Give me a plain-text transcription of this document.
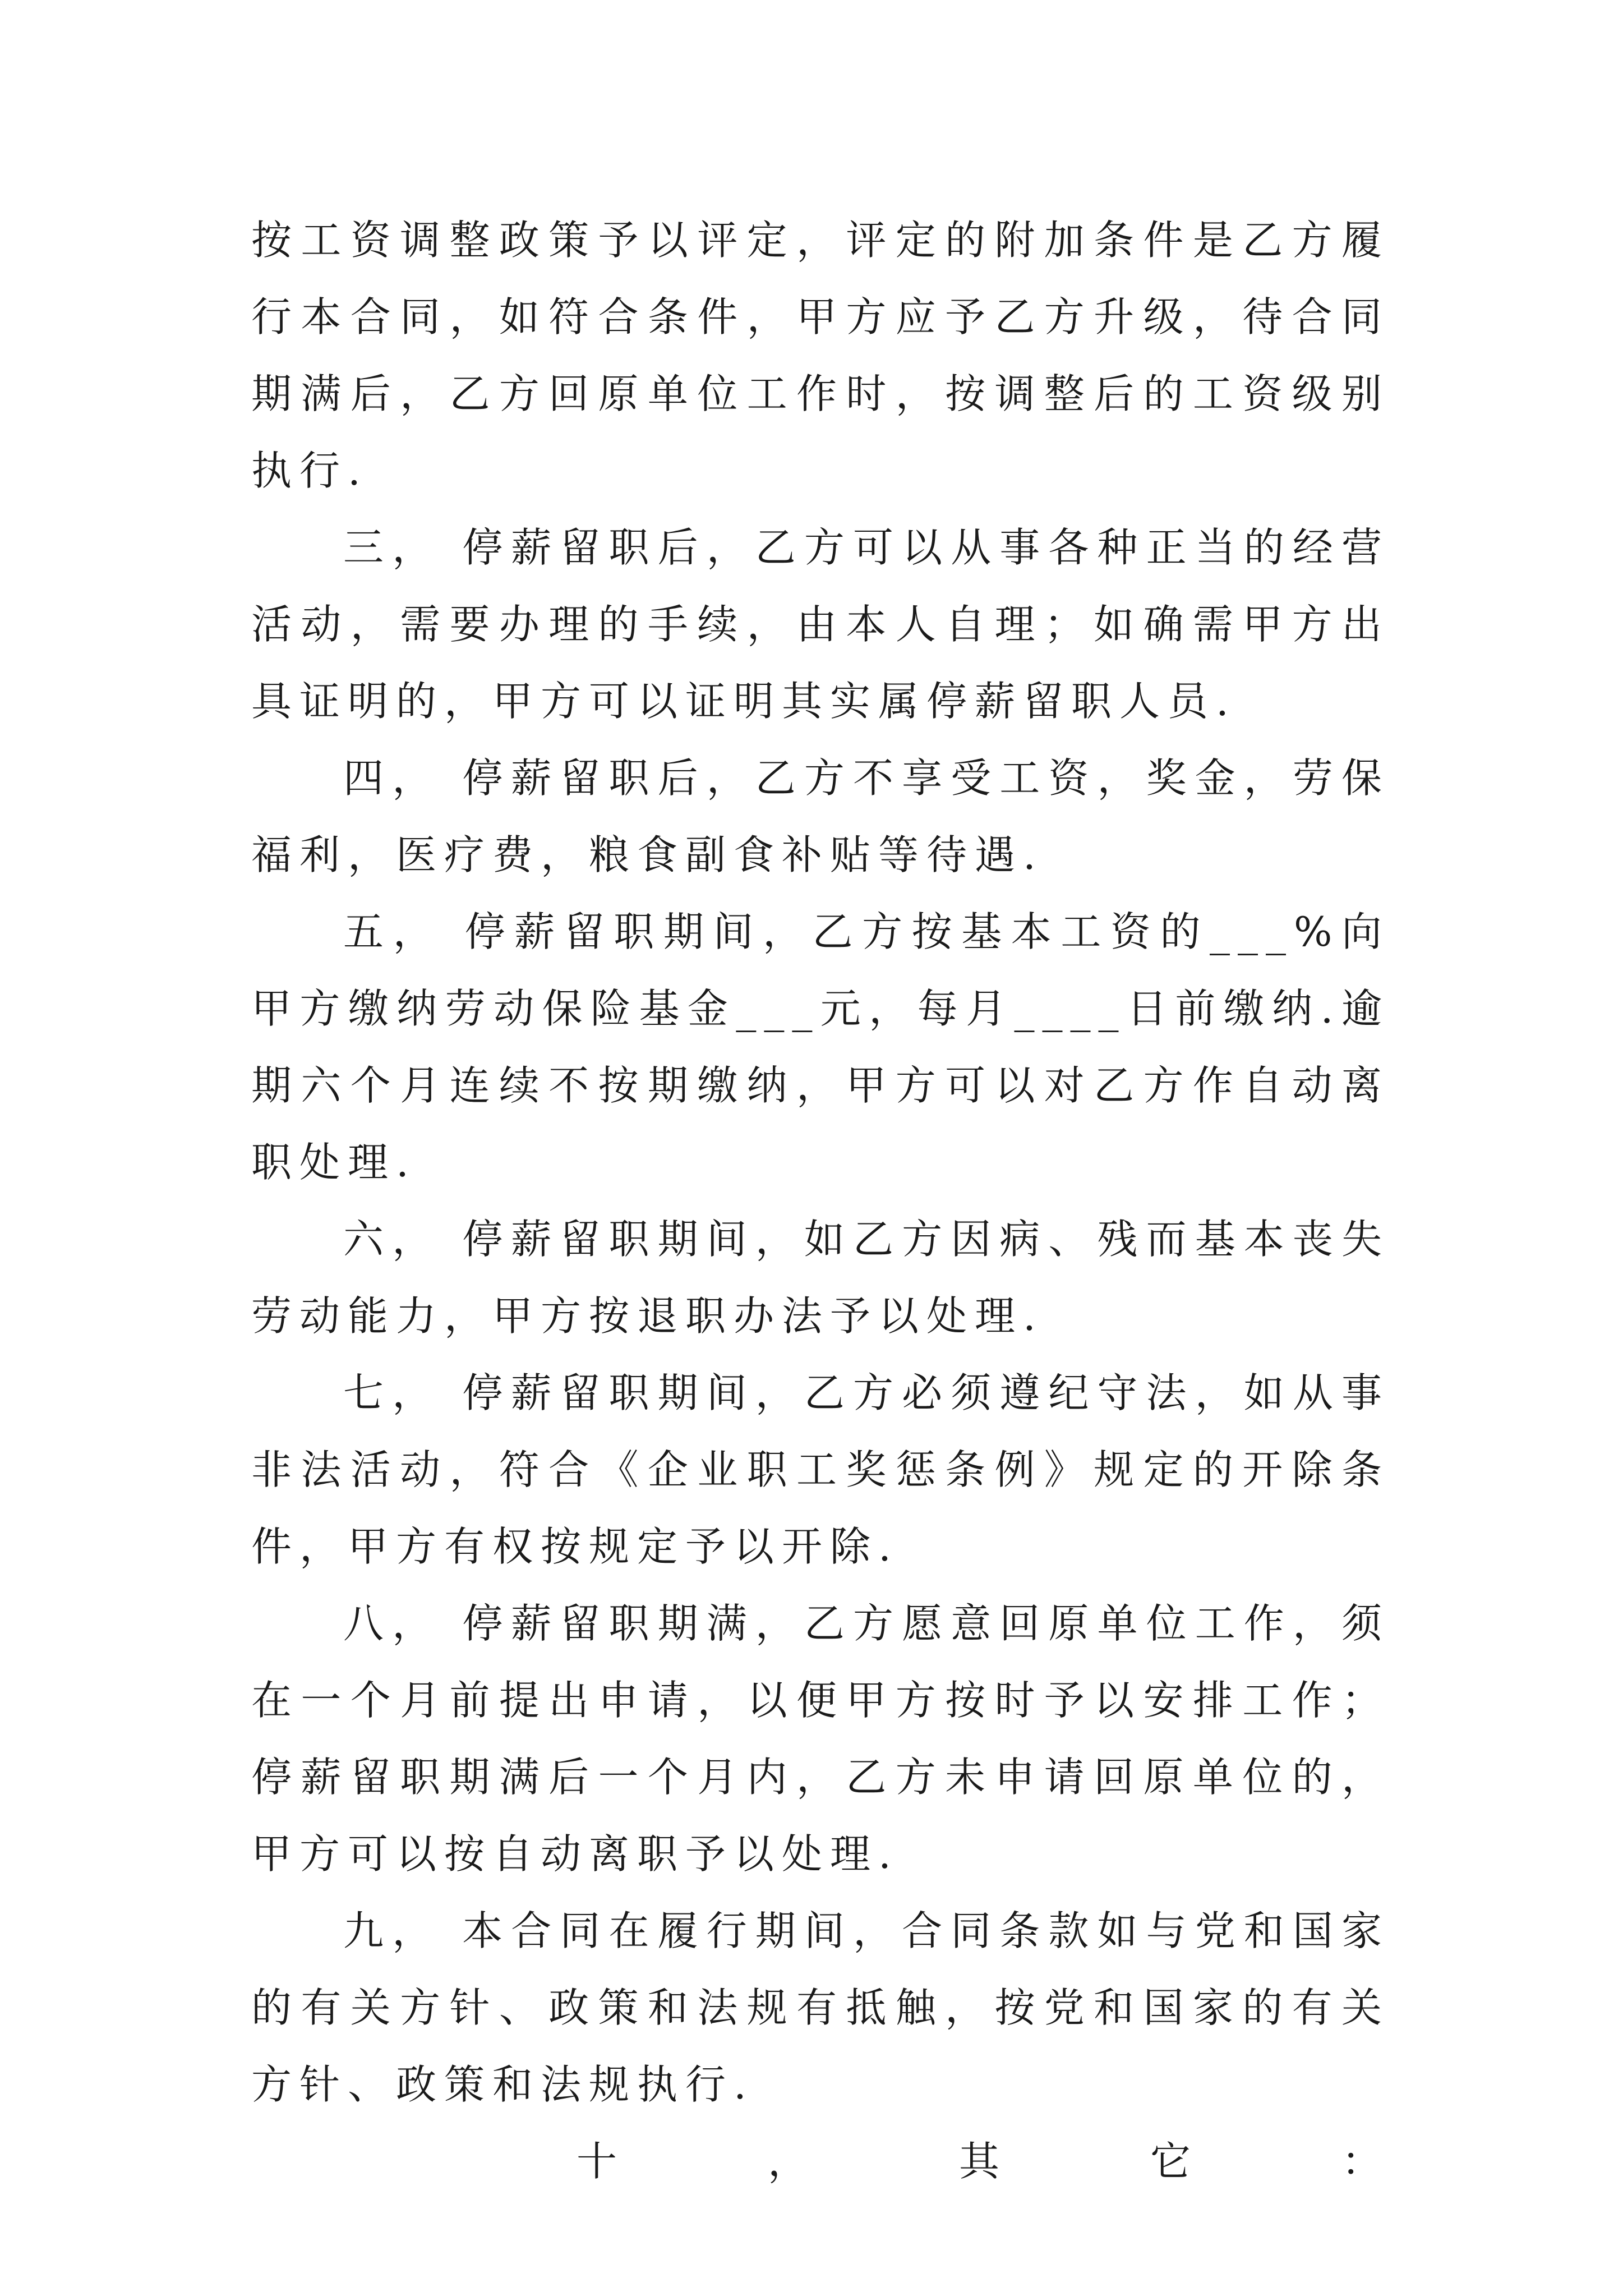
按工资调整政策予以评定，评定的附加条件是乙方履行本合同，如符合条件，甲方应予乙方升级，待合同期满后，乙方回原单位工作时，按调整后的工资级别执行.

三， 停薪留职后，乙方可以从事各种正当的经营活动，需要办理的手续，由本人自理；如确需甲方出具证明的，甲方可以证明其实属停薪留职人员.

四， 停薪留职后，乙方不享受工资，奖金，劳保福利，医疗费，粮食副食补贴等待遇.

五， 停薪留职期间，乙方按基本工资的___%向甲方缴纳劳动保险基金___元，每月____日前缴纳.逾期六个月连续不按期缴纳，甲方可以对乙方作自动离职处理.

六， 停薪留职期间，如乙方因病、残而基本丧失劳动能力，甲方按退职办法予以处理.

七， 停薪留职期间，乙方必须遵纪守法，如从事非法活动，符合《企业职工奖惩条例》规定的开除条件，甲方有权按规定予以开除.

八， 停薪留职期满，乙方愿意回原单位工作，须在一个月前提出申请，以便甲方按时予以安排工作；停薪留职期满后一个月内，乙方未申请回原单位的，甲方可以按自动离职予以处理.

九， 本合同在履行期间，合同条款如与党和国家的有关方针、政策和法规有抵触，按党和国家的有关方针、政策和法规执行.

十，其它：
